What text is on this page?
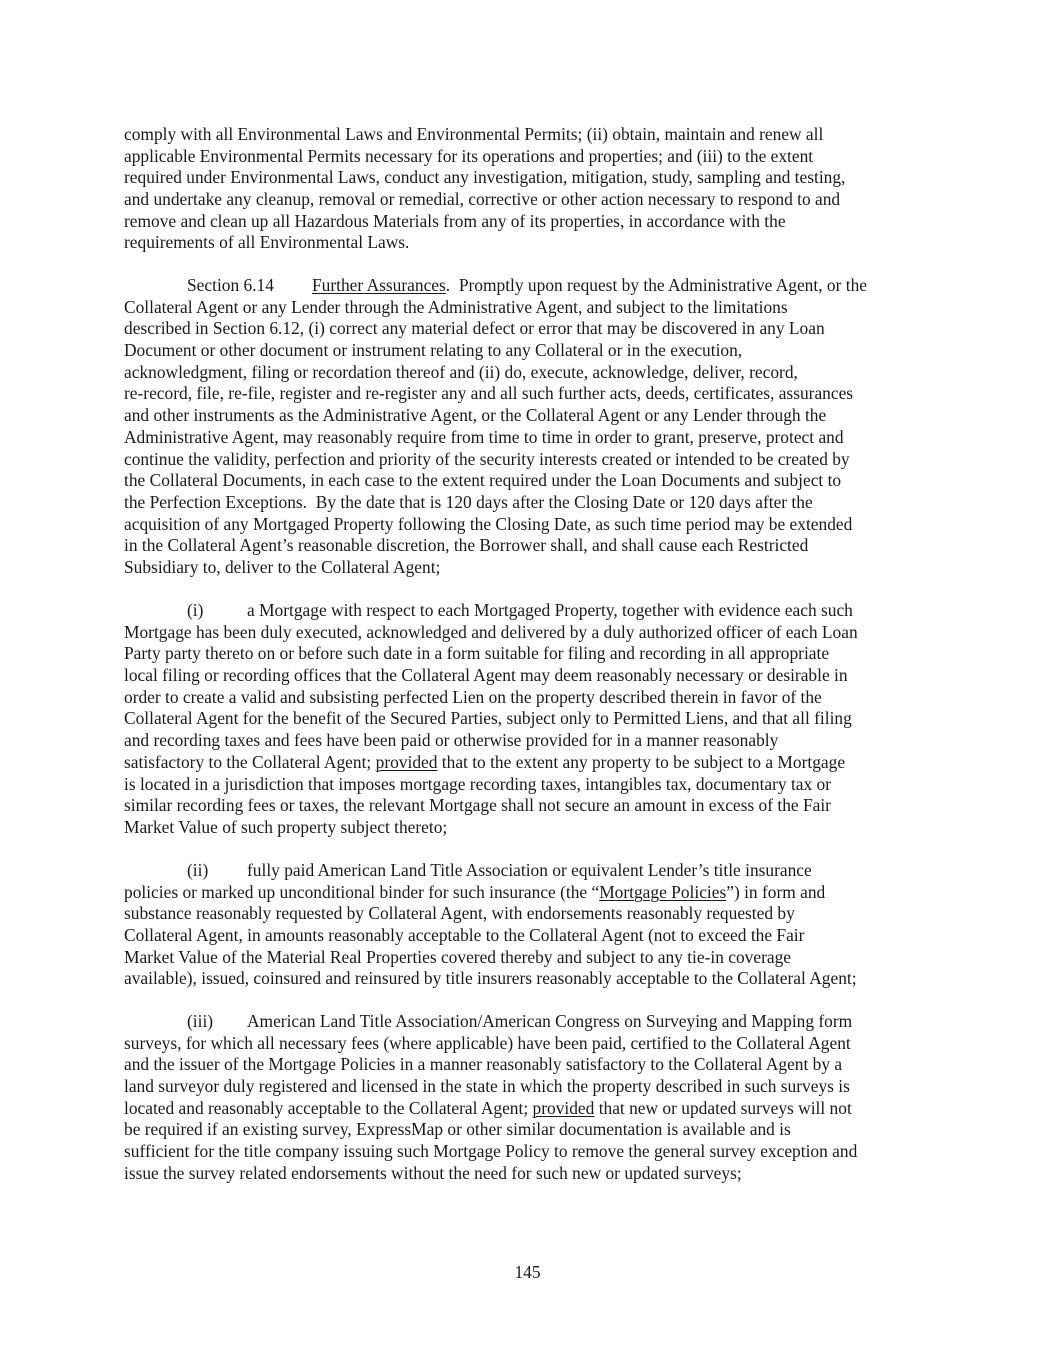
comply with all Environmental Laws and Environmental Permits; (ii) obtain, maintain and renew all
applicable Environmental Permits necessary for its operations and properties; and (iii) to the extent
required under Environmental Laws, conduct any investigation, mitigation, study, sampling and testing,
and undertake any cleanup, removal or remedial, corrective or other action necessary to respond to and
remove and clean up all Hazardous Materials from any of its properties, in accordance with the
requirements of all Environmental Laws.
Section 6.14 Further Assurances.  Promptly upon request by the Administrative Agent, or the
Collateral Agent or any Lender through the Administrative Agent, and subject to the limitations
described in Section 6.12, (i) correct any material defect or error that may be discovered in any Loan
Document or other document or instrument relating to any Collateral or in the execution,
acknowledgment, filing or recordation thereof and (ii) do, execute, acknowledge, deliver, record,
re-record, file, re-file, register and re-register any and all such further acts, deeds, certificates, assurances
and other instruments as the Administrative Agent, or the Collateral Agent or any Lender through the
Administrative Agent, may reasonably require from time to time in order to grant, preserve, protect and
continue the validity, perfection and priority of the security interests created or intended to be created by
the Collateral Documents, in each case to the extent required under the Loan Documents and subject to
the Perfection Exceptions.  By the date that is 120 days after the Closing Date or 120 days after the
acquisition of any Mortgaged Property following the Closing Date, as such time period may be extended
in the Collateral Agent’s reasonable discretion, the Borrower shall, and shall cause each Restricted
Subsidiary to, deliver to the Collateral Agent;
(i)	a Mortgage with respect to each Mortgaged Property, together with evidence each such
Mortgage has been duly executed, acknowledged and delivered by a duly authorized officer of each Loan
Party party thereto on or before such date in a form suitable for filing and recording in all appropriate
local filing or recording offices that the Collateral Agent may deem reasonably necessary or desirable in
order to create a valid and subsisting perfected Lien on the property described therein in favor of the
Collateral Agent for the benefit of the Secured Parties, subject only to Permitted Liens, and that all filing
and recording taxes and fees have been paid or otherwise provided for in a manner reasonably
satisfactory to the Collateral Agent; provided that to the extent any property to be subject to a Mortgage
is located in a jurisdiction that imposes mortgage recording taxes, intangibles tax, documentary tax or
similar recording fees or taxes, the relevant Mortgage shall not secure an amount in excess of the Fair
Market Value of such property subject thereto;
(ii) fully paid American Land Title Association or equivalent Lender’s title insurance
policies or marked up unconditional binder for such insurance (the “Mortgage Policies”) in form and
substance reasonably requested by Collateral Agent, with endorsements reasonably requested by
Collateral Agent, in amounts reasonably acceptable to the Collateral Agent (not to exceed the Fair
Market Value of the Material Real Properties covered thereby and subject to any tie-in coverage
available), issued, coinsured and reinsured by title insurers reasonably acceptable to the Collateral Agent;
(iii) American Land Title Association/American Congress on Surveying and Mapping form
surveys, for which all necessary fees (where applicable) have been paid, certified to the Collateral Agent
and the issuer of the Mortgage Policies in a manner reasonably satisfactory to the Collateral Agent by a
land surveyor duly registered and licensed in the state in which the property described in such surveys is
located and reasonably acceptable to the Collateral Agent; provided that new or updated surveys will not
be required if an existing survey, ExpressMap or other similar documentation is available and is
sufficient for the title company issuing such Mortgage Policy to remove the general survey exception and
issue the survey related endorsements without the need for such new or updated surveys;

145
